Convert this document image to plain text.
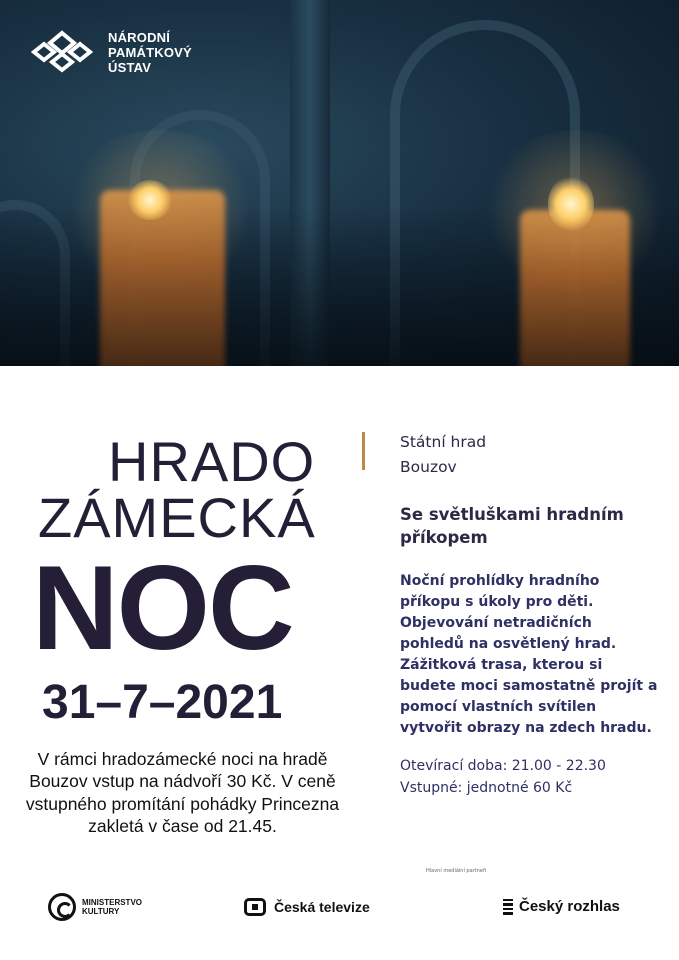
NÁRODNÍ
PAMÁTKOVÝ
ÚSTAV
HRADO
ZÁMECKÁ
NOC
31–7–2021
V rámci hradozámecké noci na hradě Bouzov vstup na nádvoří 30 Kč. V ceně vstupného promítání pohádky Princezna zakletá v čase od 21.45.
Státní hrad
Bouzov
Se světluškami hradním příkopem
Noční prohlídky hradního příkopu s úkoly pro děti. Objevování netradičních pohledů na osvětlený hrad. Zážitková trasa, kterou si budete moci samostatně projít a pomocí vlastních svítilen vytvořit obrazy na zdech hradu.
Otevírací doba: 21.00 - 22.30
Vstupné: jednotné 60 Kč
Hlavní mediální partneři
MINISTERSTVO
KULTURY	Česká televize	Český rozhlas
